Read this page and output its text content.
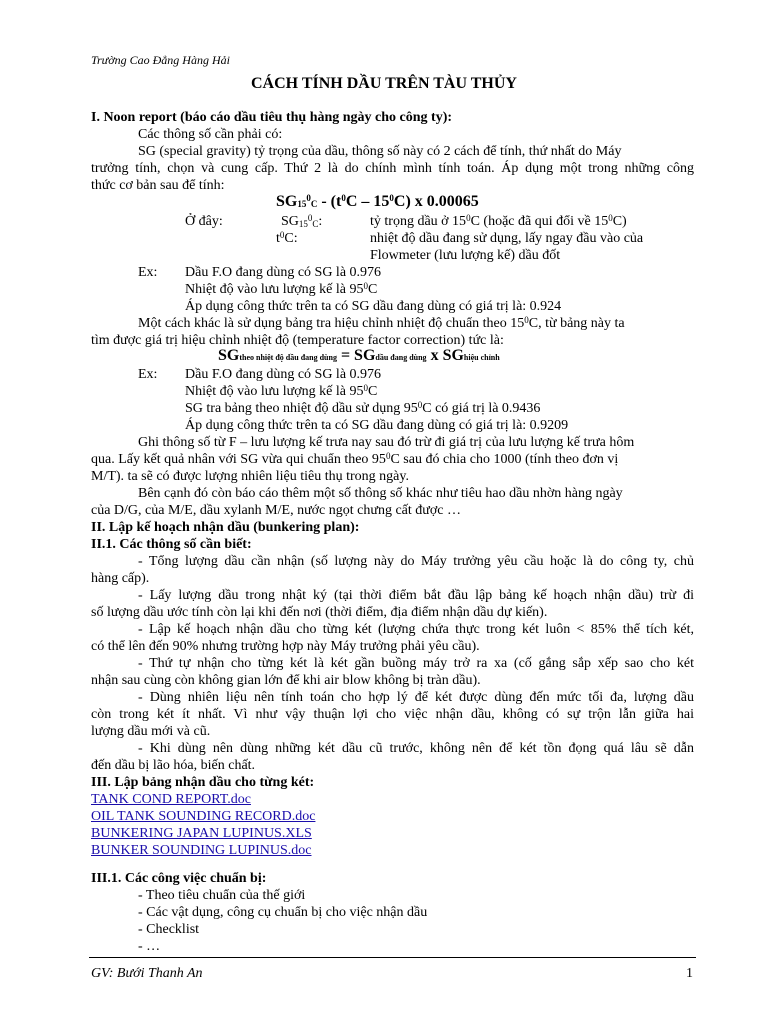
Trường Cao Đẳng Hàng Hải
CÁCH TÍNH DẦU TRÊN TÀU THỦY
I. Noon report (báo cáo dầu tiêu thụ hàng ngày cho công ty):
Các thông số cần phải có:
SG (special gravity) tỷ trọng của dầu, thông số này có 2 cách để tính, thứ nhất do Máy
trưởng tính, chọn và cung cấp. Thứ 2 là do chính mình tính toán. Áp dụng một trong những công
thức cơ bản sau để tính:
$SG_{15}^0_C - (t^0C - 15^0C)$ x 0.00065
Ở đây:	$SG_{15}^0_C$:	tỷ trọng dầu ở $15^0C$ (hoặc đã qui đổi về $15^0C$)
$t^0C$:	nhiệt độ dầu đang sử dụng, lấy ngay đầu vào của
Flowmeter (lưu lượng kế) dầu đốt
Ex: Dầu F.O đang dùng có SG là 0.976
Nhiệt độ vào lưu lượng kế là $95^0C$
Áp dụng công thức trên ta có SG dầu đang dùng có giá trị là: 0.924
Một cách khác là sử dụng bảng tra hiệu chỉnh nhiệt độ chuẩn theo $15^0C$, từ bảng này ta
tìm được giá trị hiệu chỉnh nhiệt độ (temperature factor correction) tức là:
SGtheo nhiệt độ dầu đang dùng = SGdầu đang dùng x SGhiệu chỉnh
Ex: Dầu F.O đang dùng có SG là 0.976
Nhiệt độ vào lưu lượng kế là $95^0C$
SG tra bảng theo nhiệt độ dầu sử dụng $95^0C$ có giá trị là 0.9436
Áp dụng công thức trên ta có SG dầu đang dùng có giá trị là: 0.9209
Ghi thông số từ F – lưu lượng kế trưa nay sau đó trừ đi giá trị của lưu lượng kế trưa hôm
qua. Lấy kết quả nhân với SG vừa qui chuẩn theo $95^0C$ sau đó chia cho 1000 (tính theo đơn vị
M/T). ta sẽ có được lượng nhiên liệu tiêu thụ trong ngày.
Bên cạnh đó còn báo cáo thêm một số thông số khác như tiêu hao dầu nhờn hàng ngày
của D/G, của M/E, dầu xylanh M/E, nước ngọt chưng cất được …
II. Lập kế hoạch nhận dầu (bunkering plan):
II.1. Các thông số cần biết:
- Tổng lượng dầu cần nhận (số lượng này do Máy trưởng yêu cầu hoặc là do công ty, chủ
hàng cấp).
- Lấy lượng dầu trong nhật ký (tại thời điểm bắt đầu lập bảng kế hoạch nhận dầu) trừ đi
số lượng dầu ước tính còn lại khi đến nơi (thời điểm, địa điểm nhận dầu dự kiến).
- Lập kế hoạch nhận dầu cho từng két (lượng chứa thực trong két luôn < 85% thể tích két,
có thể lên đến 90% nhưng trường hợp này Máy trưởng phải yêu cầu).
- Thứ tự nhận cho từng két là két gần buồng máy trở ra xa (cố gắng sắp xếp sao cho két
nhận sau cùng còn không gian lớn để khi air blow không bị tràn dầu).
- Dùng nhiên liệu nên tính toán cho hợp lý để két được dùng đến mức tối đa, lượng dầu
còn trong két ít nhất. Vì như vậy thuận lợi cho việc nhận dầu, không có sự trộn lẫn giữa hai
lượng dầu mới và cũ.
- Khi dùng nên dùng những két dầu cũ trước, không nên để két tồn đọng quá lâu sẽ dẫn
đến dầu bị lão hóa, biến chất.
III. Lập bảng nhận dầu cho từng két:
TANK COND REPORT.doc
OIL TANK SOUNDING RECORD.doc
BUNKERING JAPAN LUPINUS.XLS
BUNKER SOUNDING LUPINUS.doc
III.1. Các công việc chuẩn bị:
- Theo tiêu chuẩn của thế giới
- Các vật dụng, công cụ chuẩn bị cho việc nhận dầu
- Checklist
- …
GV: Bưới Thanh An	1
